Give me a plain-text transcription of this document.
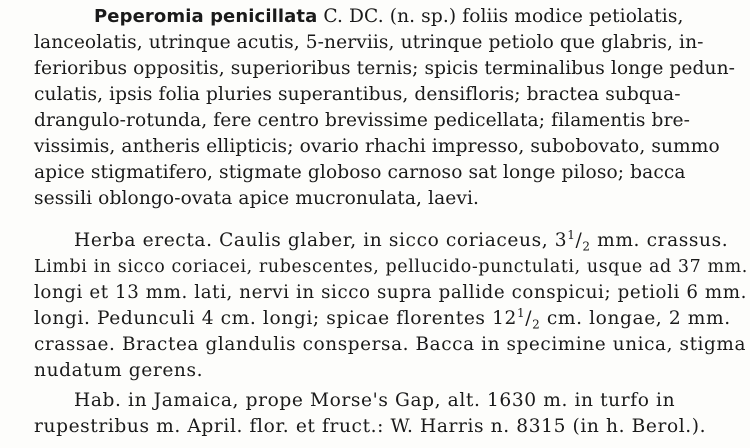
Peperomia penicillata C. DC. (n. sp.) foliis modice petiolatis,
lanceolatis, utrinque acutis, 5-nerviis, utrinque petiolo que glabris, in-
ferioribus oppositis, superioribus ternis; spicis terminalibus longe pedun-
culatis, ipsis folia pluries superantibus, densifloris; bractea subqua-
drangulo-rotunda, fere centro brevissime pedicellata; filamentis bre-
vissimis, antheris ellipticis; ovario rhachi impresso, subobovato, summo
apice stigmatifero, stigmate globoso carnoso sat longe piloso; bacca
sessili oblongo-ovata apice mucronulata, laevi.
Herba erecta. Caulis glaber, in sicco coriaceus, $3^1/_2$ mm. crassus.
Limbi in sicco coriacei, rubescentes, pellucido-punctulati, usque ad 37 mm.
longi et 13 mm. lati, nervi in sicco supra pallide conspicui; petioli 6 mm.
longi. Pedunculi 4 cm. longi; spicae florentes $12^1/_2$ cm. longae, 2 mm.
crassae. Bractea glandulis conspersa. Bacca in specimine unica, stigma
nudatum gerens.
Hab. in Jamaica, prope Morse's Gap, alt. 1630 m. in turfo in
rupestribus m. April. flor. et fruct.: W. Harris n. 8315 (in h. Berol.).
